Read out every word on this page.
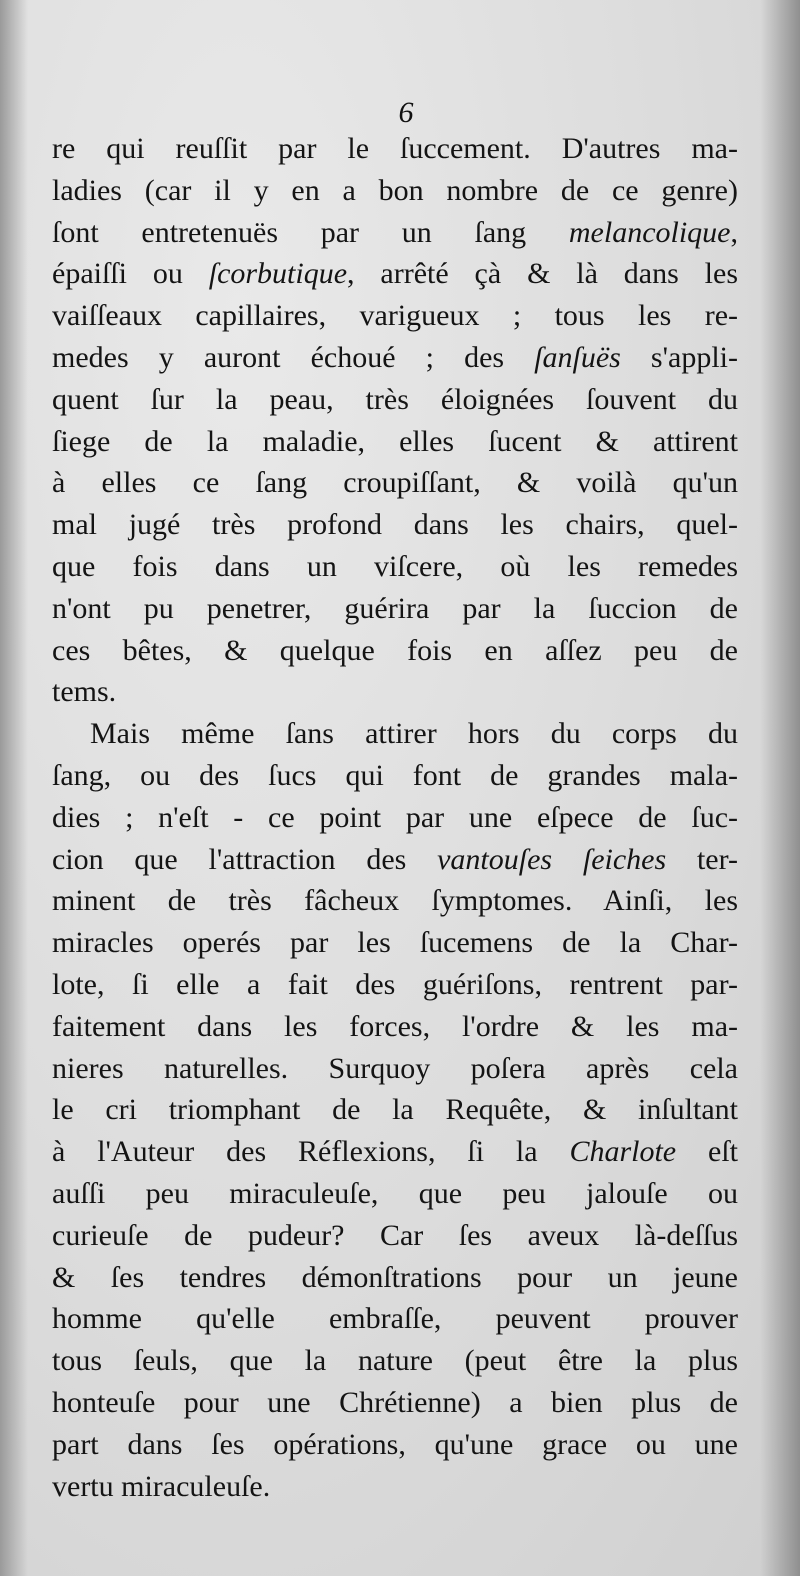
6
re qui reuſſit par le ſuccement. D'autres ma-
ladies (car il y en a bon nombre de ce genre)
ſont entretenuës par un ſang melancolique,
épaiſſi ou ſcorbutique, arrêté çà & là dans les
vaiſſeaux capillaires, varigueux ; tous les re-
medes y auront échoué ; des ſanſuës s'appli-
quent ſur la peau, très éloignées ſouvent du
ſiege de la maladie, elles ſucent & attirent
à elles ce ſang croupiſſant, & voilà qu'un
mal jugé très profond dans les chairs, quel-
que fois dans un viſcere, où les remedes
n'ont pu penetrer, guérira par la ſuccion de
ces bêtes, & quelque fois en aſſez peu de
tems.
Mais même ſans attirer hors du corps du
ſang, ou des ſucs qui font de grandes mala-
dies ; n'eſt - ce point par une eſpece de ſuc-
cion que l'attraction des vantouſes ſeiches ter-
minent de très fâcheux ſymptomes. Ainſi, les
miracles operés par les ſucemens de la Char-
lote, ſi elle a fait des guériſons, rentrent par-
faitement dans les forces, l'ordre & les ma-
nieres naturelles. Surquoy poſera après cela
le cri triomphant de la Requête, & inſultant
à l'Auteur des Réflexions, ſi la Charlote eſt
auſſi peu miraculeuſe, que peu jalouſe ou
curieuſe de pudeur? Car ſes aveux là-deſſus
& ſes tendres démonſtrations pour un jeune
homme qu'elle embraſſe, peuvent prouver
tous ſeuls, que la nature (peut être la plus
honteuſe pour une Chrétienne) a bien plus de
part dans ſes opérations, qu'une grace ou une
vertu miraculeuſe.
